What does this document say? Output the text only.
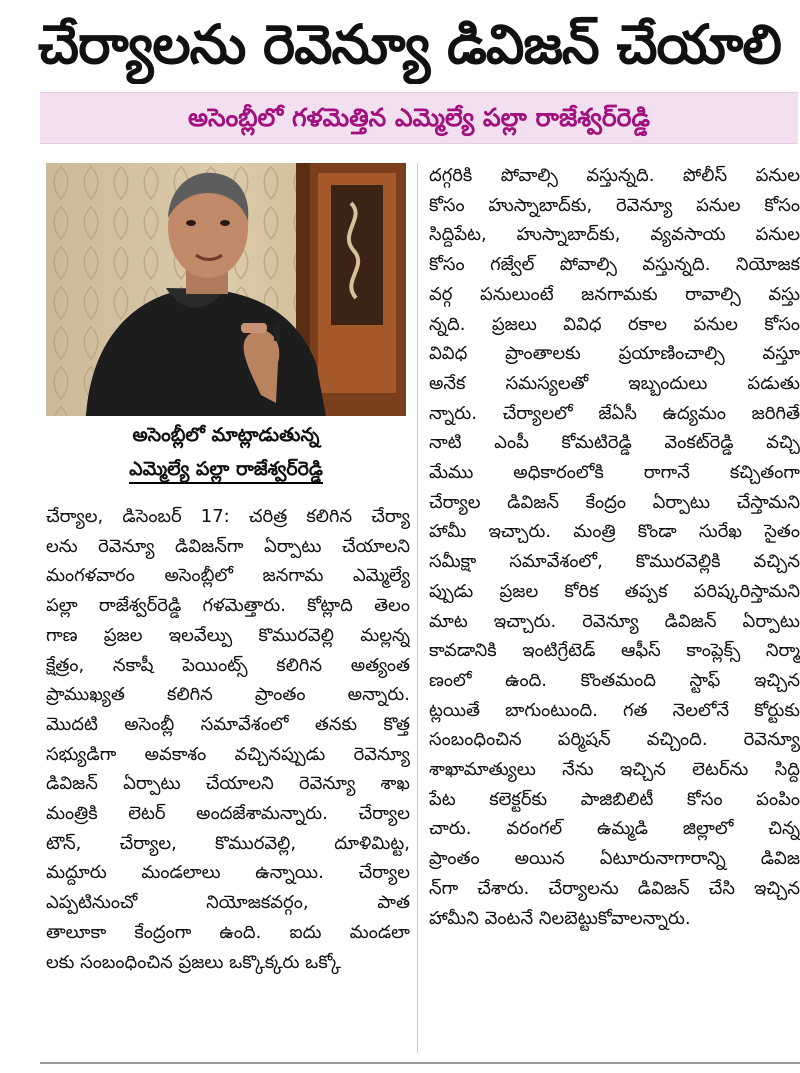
చేర్యాలను రెవెన్యూ డివిజన్ చేయాలి
అసెంబ్లీలో గళమెత్తిన ఎమ్మెల్యే పల్లా రాజేశ్వర్‌రెడ్డి
అసెంబ్లీలో మాట్లాడుతున్న
ఎమ్మెల్యే పల్లా రాజేశ్వర్‌రెడ్డి
చేర్యాల, డిసెంబర్ 17: చరిత్ర కలిగిన చేర్యా
లను రెవెన్యూ డివిజన్‌గా ఏర్పాటు చేయాలని
మంగళవారం అసెంబ్లీలో జనగామ ఎమ్మెల్యే
పల్లా రాజేశ్వర్‌రెడ్డి గళమెత్తారు. కోట్లాది తెలం
గాణ ప్రజల ఇలవేల్పు కొమురవెల్లి మల్లన్న
క్షేత్రం, నకాషీ పెయింట్స్ కలిగిన అత్యంత
ప్రాముఖ్యత కలిగిన ప్రాంతం అన్నారు.
మొదటి అసెంబ్లీ సమావేశంలో తనకు కొత్త
సభ్యుడిగా అవకాశం వచ్చినప్పుడు రెవెన్యూ
డివిజన్ ఏర్పాటు చేయాలని రెవెన్యూ శాఖ
మంత్రికి లెటర్ అందజేశామన్నారు. చేర్యాల
టౌన్, చేర్యాల, కొమురవెల్లి, దూళిమిట్ట,
మద్దూరు మండలాలు ఉన్నాయి. చేర్యాల
ఎప్పటినుంచో నియోజకవర్గం, పాత
తాలూకా కేంద్రంగా ఉంది. ఐదు మండలా
లకు సంబంధించిన ప్రజలు ఒక్కొక్కరు ఒక్కో
దగ్గరికి పోవాల్సి వస్తున్నది. పోలీస్ పనుల
కోసం హుస్నాబాద్‌కు, రెవెన్యూ పనుల కోసం
సిద్దిపేట, హుస్నాబాద్‌కు, వ్యవసాయ పనుల
కోసం గజ్వేల్ పోవాల్సి వస్తున్నది. నియోజక
వర్గ పనులుంటే జనగామకు రావాల్సి వస్తు
న్నది. ప్రజలు వివిధ రకాల పనుల కోసం
వివిధ ప్రాంతాలకు ప్రయాణించాల్సి వస్తూ
అనేక సమస్యలతో ఇబ్బందులు పడుతు
న్నారు. చేర్యాలలో జేఏసీ ఉద్యమం జరిగితే
నాటి ఎంపీ కోమటిరెడ్డి వెంకట్‌రెడ్డి వచ్చి
మేము అధికారంలోకి రాగానే కచ్చితంగా
చేర్యాల డివిజన్ కేంద్రం ఏర్పాటు చేస్తామని
హామీ ఇచ్చారు. మంత్రి కొండా సురేఖ సైతం
సమీక్షా సమావేశంలో, కొమురవెల్లికి వచ్చిన
ప్పుడు ప్రజల కోరిక తప్పక పరిష్కరిస్తామని
మాట ఇచ్చారు. రెవెన్యూ డివిజన్ ఏర్పాటు
కావడానికి ఇంటిగ్రేటెడ్ ఆఫీస్ కాంప్లెక్స్ నిర్మా
ణంలో ఉంది. కొంతమంది స్టాఫ్ ఇచ్చిన
ట్లయితే బాగుంటుంది. గత నెలలోనే కోర్టుకు
సంబంధించిన పర్మిషన్ వచ్చింది. రెవెన్యూ
శాఖామాత్యులు నేను ఇచ్చిన లెటర్‌ను సిద్ది
పేట కలెక్టర్‌కు పాజిబిలిటీ కోసం పంపిం
చారు. వరంగల్ ఉమ్మడి జిల్లాలో చిన్న
ప్రాంతం అయిన ఏటూరునాగారాన్ని డివిజ
న్‌గా చేశారు. చేర్యాలను డివిజన్ చేసి ఇచ్చిన
హామీని వెంటనే నిలబెట్టుకోవాలన్నారు.
